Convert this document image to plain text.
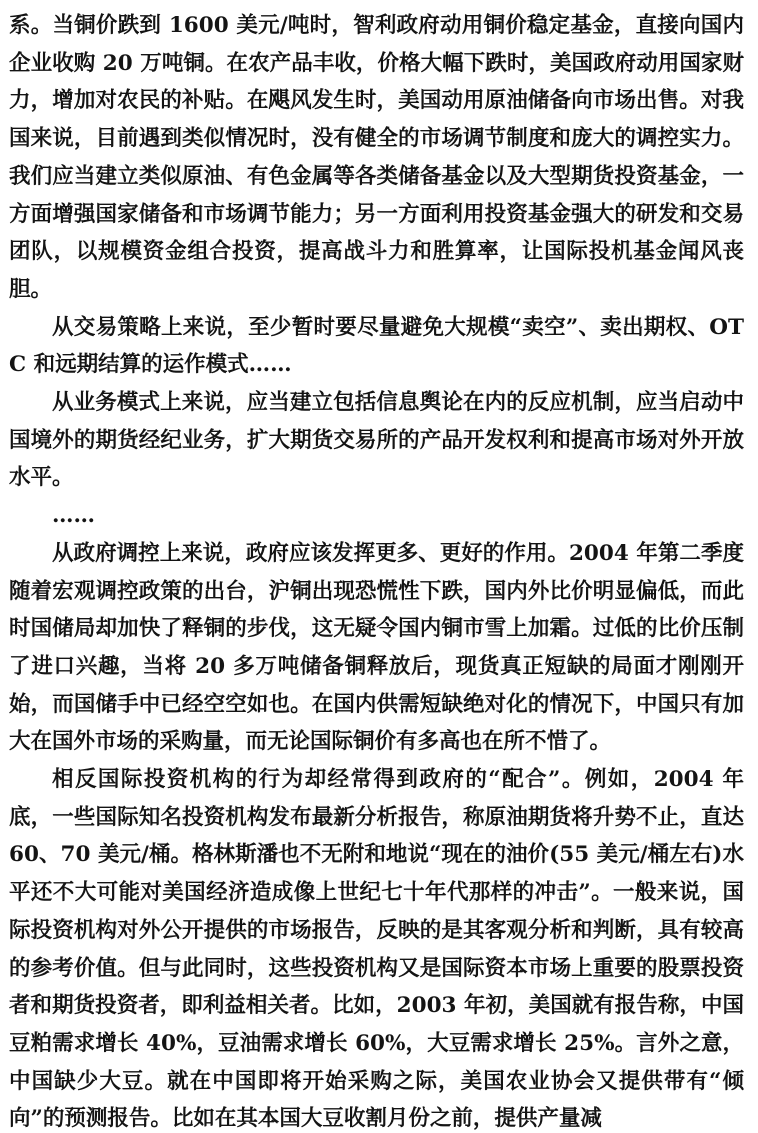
系。当铜价跌到 1600 美元/吨时，智利政府动用铜价稳定基金，直接向国内企业收购 20 万吨铜。在农产品丰收，价格大幅下跌时，美国政府动用国家财力，增加对农民的补贴。在飓风发生时，美国动用原油储备向市场出售。对我国来说，目前遇到类似情况时，没有健全的市场调节制度和庞大的调控实力。我们应当建立类似原油、有色金属等各类储备基金以及大型期货投资基金，一方面增强国家储备和市场调节能力；另一方面利用投资基金强大的研发和交易团队，以规模资金组合投资，提高战斗力和胜算率，让国际投机基金闻风丧胆。

从交易策略上来说，至少暂时要尽量避免大规模“卖空”、卖出期权、OTC 和远期结算的运作模式……

从业务模式上来说，应当建立包括信息舆论在内的反应机制，应当启动中国境外的期货经纪业务，扩大期货交易所的产品开发权利和提高市场对外开放水平。

……

从政府调控上来说，政府应该发挥更多、更好的作用。2004 年第二季度随着宏观调控政策的出台，沪铜出现恐慌性下跌，国内外比价明显偏低，而此时国储局却加快了释铜的步伐，这无疑令国内铜市雪上加霜。过低的比价压制了进口兴趣，当将 20 多万吨储备铜释放后，现货真正短缺的局面才刚刚开始，而国储手中已经空空如也。在国内供需短缺绝对化的情况下，中国只有加大在国外市场的采购量，而无论国际铜价有多高也在所不惜了。

相反国际投资机构的行为却经常得到政府的“配合”。例如，2004 年底，一些国际知名投资机构发布最新分析报告，称原油期货将升势不止，直达 60、70 美元/桶。格林斯潘也不无附和地说“现在的油价(55 美元/桶左右)水平还不大可能对美国经济造成像上世纪七十年代那样的冲击”。一般来说，国际投资机构对外公开提供的市场报告，反映的是其客观分析和判断，具有较高的参考价值。但与此同时，这些投资机构又是国际资本市场上重要的股票投资者和期货投资者，即利益相关者。比如，2003 年初，美国就有报告称，中国豆粕需求增长 40%，豆油需求增长 60%，大豆需求增长 25%。言外之意，中国缺少大豆。就在中国即将开始采购之际，美国农业协会又提供带有“倾向”的预测报告。比如在其本国大豆收割月份之前，提供产量减
